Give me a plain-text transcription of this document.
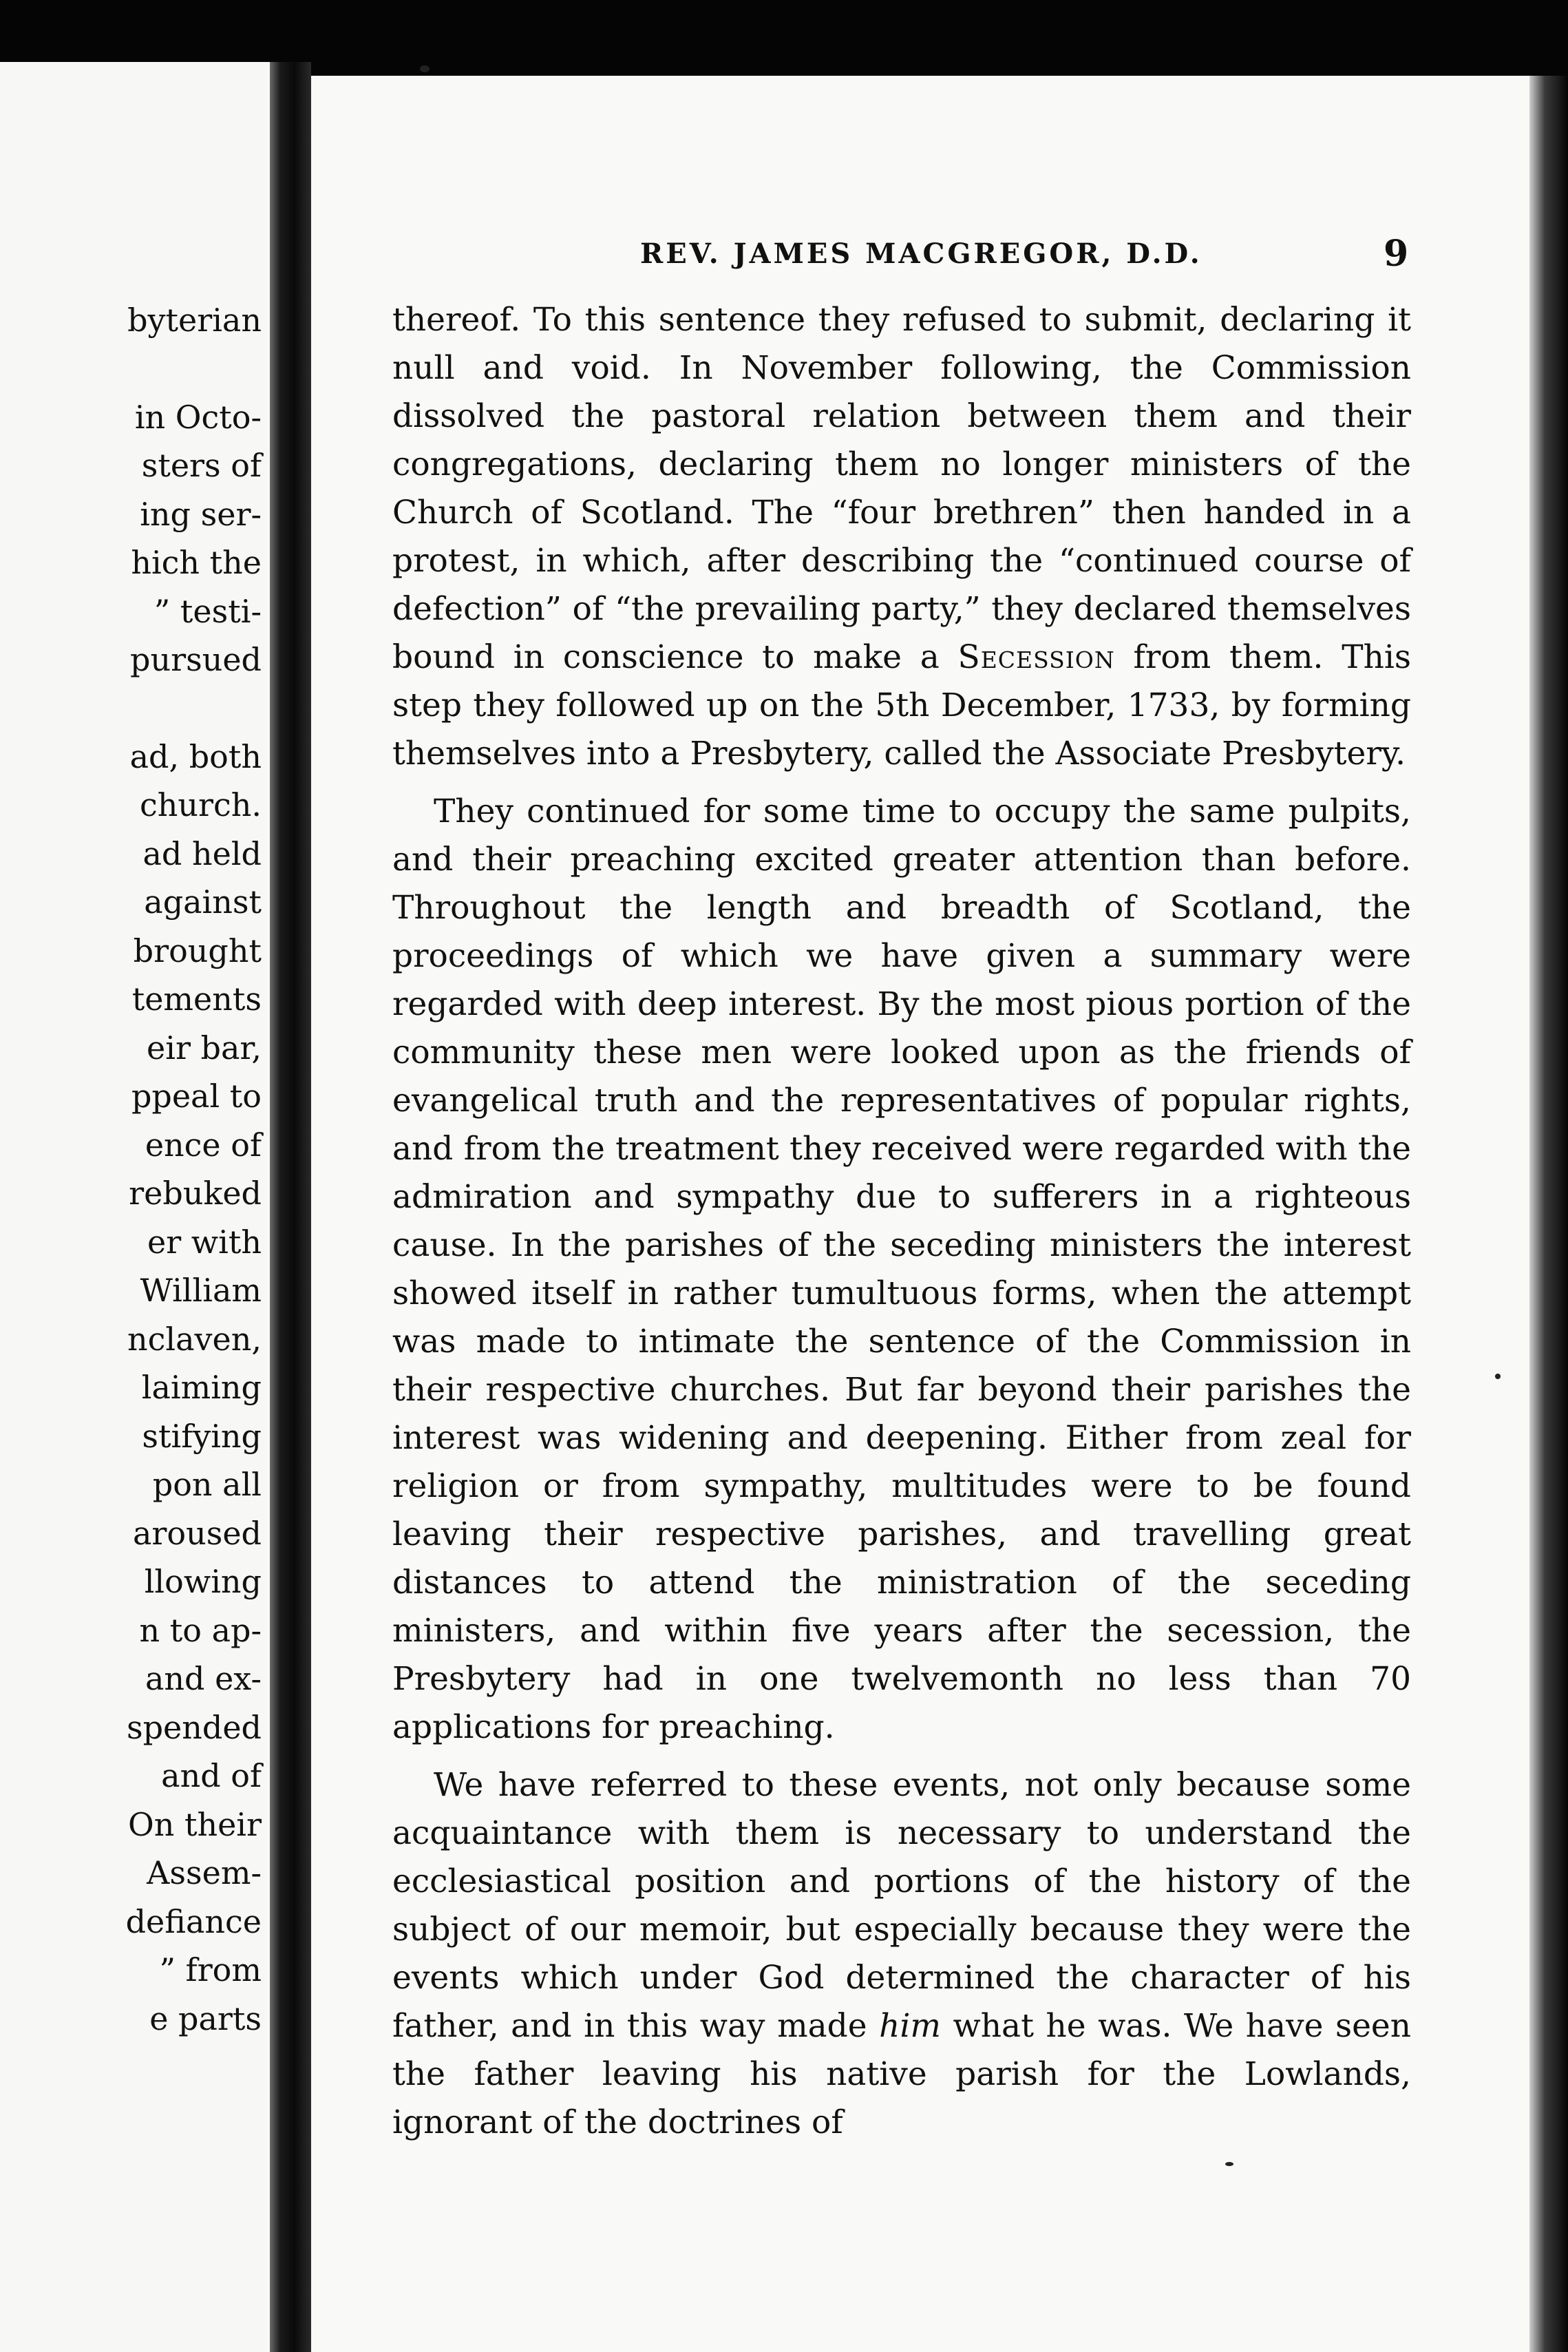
byterian
in Octo-
sters of
ing ser-
hich the
” testi-
pursued
ad, both
church.
ad held
against
brought
tements
eir bar,
ppeal to
ence of
rebuked
er with
William
nclaven,
laiming
stifying
pon all
aroused
llowing
n to ap-
and ex-
spended
and of
On their
Assem-
defiance
” from
e parts
REV. JAMES MACGREGOR, D.D.	9

thereof. To this sentence they refused to submit, declaring it null and void. In November following, the Commission dissolved the pastoral relation between them and their congregations, declaring them no longer ministers of the Church of Scotland. The “four brethren” then handed in a protest, in which, after describing the “continued course of defection” of “the prevailing party,” they declared themselves bound in conscience to make a Secession from them. This step they followed up on the 5th December, 1733, by forming themselves into a Presbytery, called the Associate Presbytery.

They continued for some time to occupy the same pulpits, and their preaching excited greater attention than before. Throughout the length and breadth of Scotland, the proceedings of which we have given a summary were regarded with deep interest. By the most pious portion of the community these men were looked upon as the friends of evangelical truth and the representatives of popular rights, and from the treatment they received were regarded with the admiration and sympathy due to sufferers in a righteous cause. In the parishes of the seceding ministers the interest showed itself in rather tumultuous forms, when the attempt was made to intimate the sentence of the Commission in their respective churches. But far beyond their parishes the interest was widening and deepening. Either from zeal for religion or from sympathy, multitudes were to be found leaving their respective parishes, and travelling great distances to attend the ministration of the seceding ministers, and within five years after the secession, the Presbytery had in one twelvemonth no less than 70 applications for preaching.

We have referred to these events, not only because some acquaintance with them is necessary to understand the ecclesiastical position and portions of the history of the subject of our memoir, but especially because they were the events which under God determined the character of his father, and in this way made him what he was. We have seen the father leaving his native parish for the Lowlands, ignorant of the doctrines of
